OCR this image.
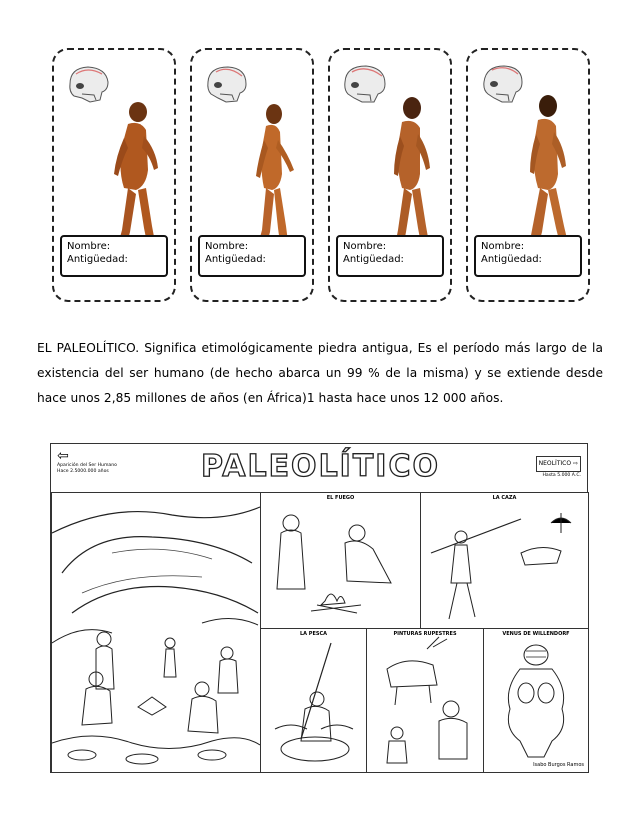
Nombre:
Antigüedad:
Nombre:
Antigüedad:
Nombre:
Antigüedad:
Nombre:
Antigüedad:
EL PALEOLÍTICO. Significa etimológicamente piedra antigua, Es el período más largo de la existencia del ser humano (de hecho abarca un 99 % de la misma) y se extiende desde hace unos 2,85 millones de años (en África)1 hasta hace unos 12 000 años.
⇦
Aparición del Ser Humano
Hace 2.5000.000 años	PALEOLÍTICO	NEOLÍTICO ⇨
Hasta 5.000 A.C.
EL FUEGO	LA CAZA
LA PESCA	PINTURAS RUPESTRES	VENUS DE WILLENDORF
Isabo Burgos Ramos
